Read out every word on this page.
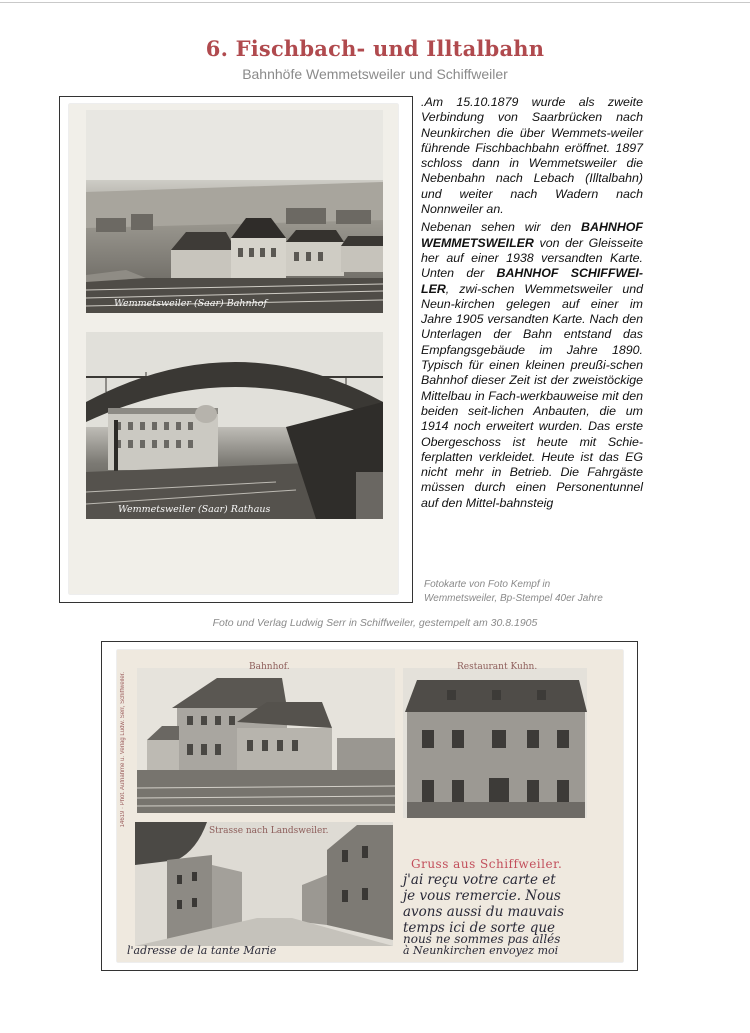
6. Fischbach- und Illtalbahn
Bahnhöfe Wemmetsweiler und Schiffweiler
Wemmetsweiler (Saar) Bahnhof
Wemmetsweiler (Saar) Rathaus

.Am 15.10.1879 wurde als zweite Verbindung von Saarbrücken nach Neunkirchen die über Wemmets-weiler führende Fischbachbahn eröffnet. 1897 schloss dann in Wemmetsweiler die Nebenbahn nach Lebach (Illtalbahn) und weiter nach Wadern nach Nonnweiler an.

Nebenan sehen wir den BAHNHOF WEMMETSWEILER von der Gleisseite her auf einer 1938 versandten Karte. Unten der BAHNHOF SCHIFFWEI-LER, zwi-schen Wemmetsweiler und Neun-kirchen gelegen auf einer im Jahre 1905 versandten Karte. Nach den Unterlagen der Bahn entstand das Empfangsgebäude im Jahre 1890. Typisch für einen kleinen preußi-schen Bahnhof dieser Zeit ist der zweistöckige Mittelbau in Fach-werkbauweise mit den beiden seit-lichen Anbauten, die um 1914 noch erweitert wurden. Das erste Obergeschoss ist heute mit Schie-ferplatten verkleidet. Heute ist das EG nicht mehr in Betrieb. Die Fahrgäste müssen durch einen Personentunnel auf den Mittel-bahnsteig

Fotokarte von Foto Kempf in
Wemmetsweiler, Bp-Stempel 40er Jahre
Foto und Verlag Ludwig Serr in Schiffweiler, gestempelt am 30.8.1905
14619 · Phot. Aufnahme u. Verlag Ludw. Serr, Schiffweiler.
Bahnhof.	Restaurant Kuhn.
Strasse nach Landsweiler.
Gruss aus Schiffweiler.
j'ai reçu votre carte et
je vous remercie. Nous
avons aussi du mauvais
temps ici de sorte que
nous ne sommes pas allés
à Neunkirchen envoyez moi
l'adresse de la tante Marie
